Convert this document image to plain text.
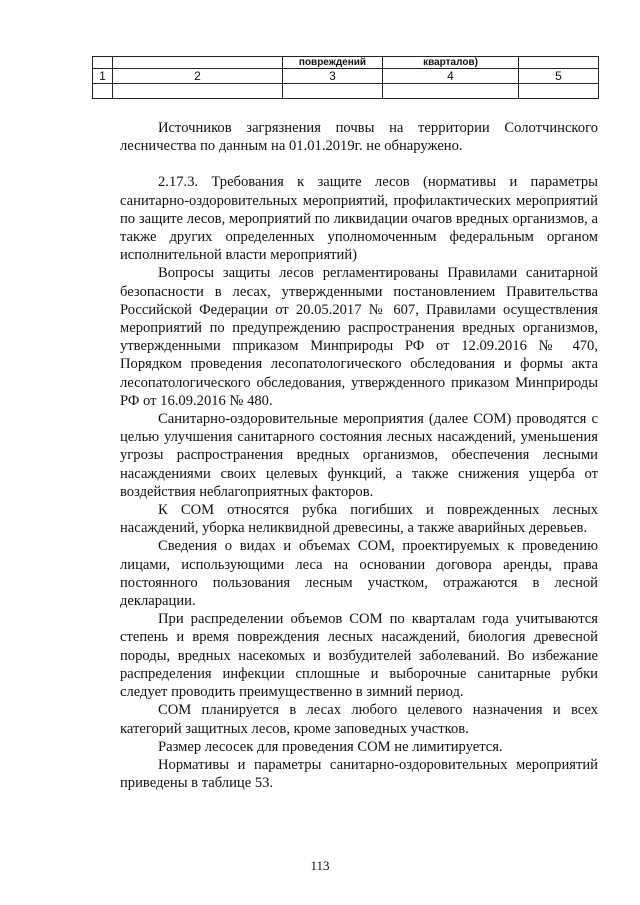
		повреждений	кварталов)	
1	2	3	4	5

Источников загрязнения почвы на территории Солотчинского лесничества по данным на 01.01.2019г. не обнаружено.

2.17.3. Требования к защите лесов (нормативы и параметры санитарно-оздоровительных мероприятий, профилактических мероприятий по защите лесов, мероприятий по ликвидации очагов вредных организмов, а также других определенных уполномоченным федеральным органом исполнительной власти мероприятий)

Вопросы защиты лесов регламентированы Правилами санитарной безопасности в лесах, утвержденными постановлением Правительства Российской Федерации от 20.05.2017 № 607, Правилами осуществления мероприятий по предупреждению распространения вредных организмов, утвержденными пприказом Минприроды РФ от 12.09.2016 № 470, Порядком проведения лесопатологического обследования и формы акта лесопатологического обследования, утвержденного приказом Минприроды РФ от 16.09.2016 № 480.

Санитарно-оздоровительные мероприятия (далее СОМ) проводятся с целью улучшения санитарного состояния лесных насаждений, уменьшения угрозы распространения вредных организмов, обеспечения лесными насаждениями своих целевых функций, а также снижения ущерба от воздействия неблагоприятных факторов.

К СОМ относятся рубка погибших и поврежденных лесных насаждений, уборка неликвидной древесины, а также аварийных деревьев.

Сведения о видах и объемах СОМ, проектируемых к проведению лицами, использующими леса на основании договора аренды, права постоянного пользования лесным участком, отражаются в лесной декларации.

При распределении объемов СОМ по кварталам года учитываются степень и время повреждения лесных насаждений, биология древесной породы, вредных насекомых и возбудителей заболеваний. Во избежание распределения инфекции сплошные и выборочные санитарные рубки следует проводить преимущественно в зимний период.

СОМ планируется в лесах любого целевого назначения и всех категорий защитных лесов, кроме заповедных участков.

Размер лесосек для проведения СОМ не лимитируется.

Нормативы и параметры санитарно-оздоровительных мероприятий приведены в таблице 53.

113
